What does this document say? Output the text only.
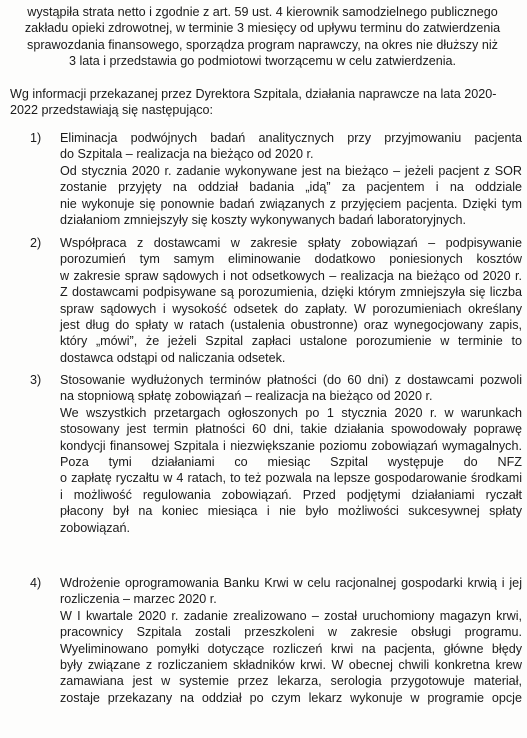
wystąpiła strata netto i zgodnie z art. 59 ust. 4 kierownik samodzielnego publicznego
zakładu opieki zdrowotnej, w terminie 3 miesięcy od upływu terminu do zatwierdzenia
sprawozdania finansowego, sporządza program naprawczy, na okres nie dłuższy niż
3 lata i przedstawia go podmiotowi tworzącemu w celu zatwierdzenia.
Wg informacji przekazanej przez Dyrektora Szpitala, działania naprawcze na lata 2020-
2022 przedstawiają się następująco:
1)	Eliminacja podwójnych badań analitycznych przy przyjmowaniu pacjenta
do Szpitala – realizacja na bieżąco od 2020 r.
Od stycznia 2020 r. zadanie wykonywane jest na bieżąco – jeżeli pacjent z SOR
zostanie przyjęty na oddział badania „idą” za pacjentem i na oddziale
nie wykonuje się ponownie badań związanych z przyjęciem pacjenta. Dzięki tym
działaniom zmniejszyły się koszty wykonywanych badań laboratoryjnych.
2)	Współpraca z dostawcami w zakresie spłaty zobowiązań – podpisywanie
porozumień tym samym eliminowanie dodatkowo poniesionych kosztów
w zakresie spraw sądowych i not odsetkowych – realizacja na bieżąco od 2020 r.
Z dostawcami podpisywane są porozumienia, dzięki którym zmniejszyła się liczba
spraw sądowych i wysokość odsetek do zapłaty. W porozumieniach określany
jest dług do spłaty w ratach (ustalenia obustronne) oraz wynegocjowany zapis,
który „mówi”, że jeżeli Szpital zapłaci ustalone porozumienie w terminie to
dostawca odstąpi od naliczania odsetek.
3)	Stosowanie wydłużonych terminów płatności (do 60 dni) z dostawcami pozwoli
na stopniową spłatę zobowiązań – realizacja na bieżąco od 2020 r.
We wszystkich przetargach ogłoszonych po 1 stycznia 2020 r. w warunkach
stosowany jest termin płatności 60 dni, takie działania spowodowały poprawę
kondycji finansowej Szpitala i niezwiększanie poziomu zobowiązań wymagalnych.
Poza tymi działaniami co miesiąc Szpital występuje do NFZ
o zapłatę ryczałtu w 4 ratach, to też pozwala na lepsze gospodarowanie środkami
i możliwość regulowania zobowiązań. Przed podjętymi działaniami ryczałt
płacony był na koniec miesiąca i nie było możliwości sukcesywnej spłaty
zobowiązań.
4)	Wdrożenie oprogramowania Banku Krwi w celu racjonalnej gospodarki krwią i jej
rozliczenia – marzec 2020 r.
W I kwartale 2020 r. zadanie zrealizowano – został uruchomiony magazyn krwi,
pracownicy Szpitala zostali przeszkoleni w zakresie obsługi programu.
Wyeliminowano pomyłki dotyczące rozliczeń krwi na pacjenta, główne błędy
były związane z rozliczaniem składników krwi. W obecnej chwili konkretna krew
zamawiana jest w systemie przez lekarza, serologia przygotowuje materiał,
zostaje przekazany na oddział po czym lekarz wykonuje w programie opcje
